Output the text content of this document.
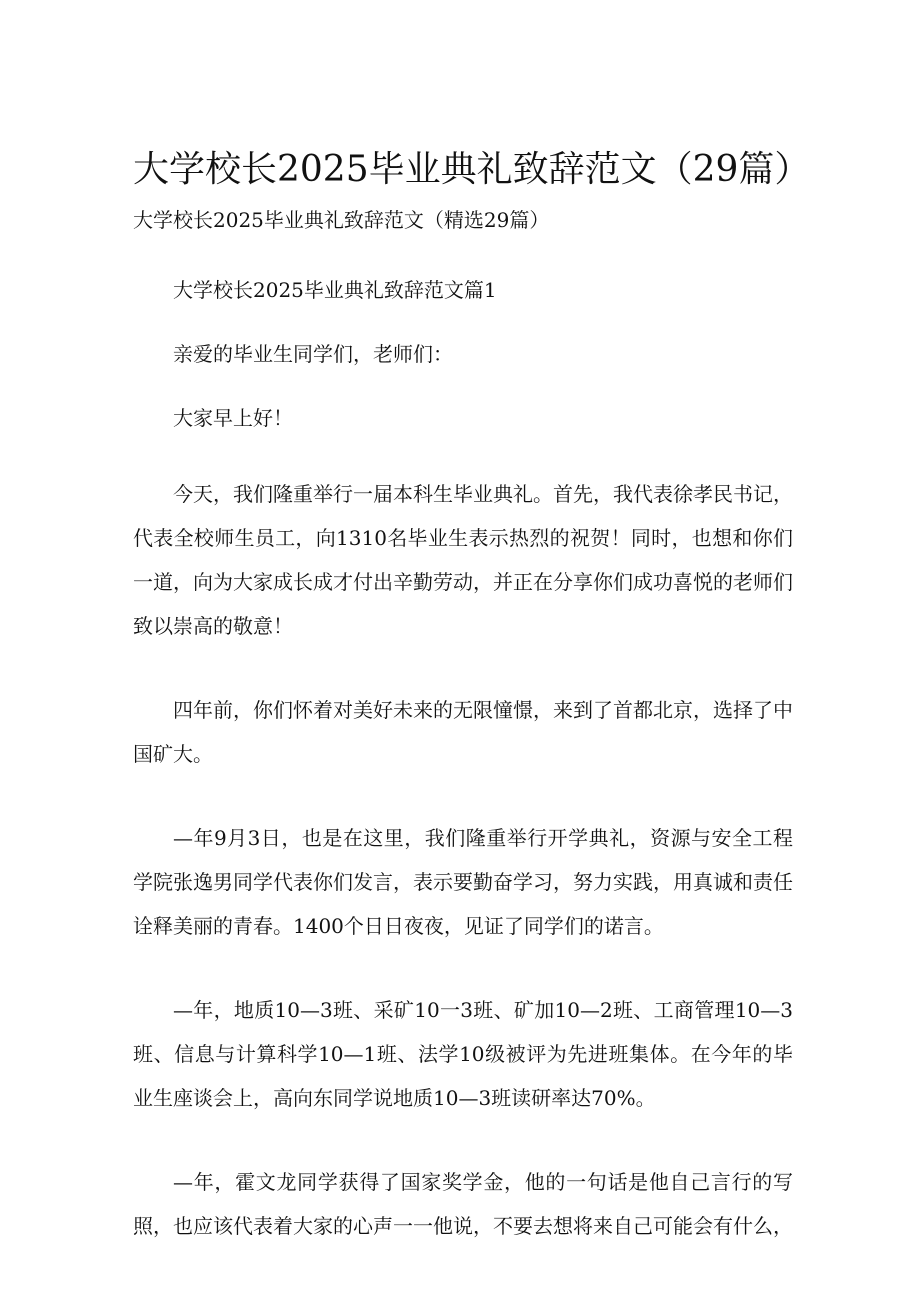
大学校长2025毕业典礼致辞范文（29篇）
大学校长2025毕业典礼致辞范文（精选29篇）

大学校长2025毕业典礼致辞范文篇1

亲爱的毕业生同学们，老师们：

大家早上好！

今天，我们隆重举行一届本科生毕业典礼。首先，我代表徐孝民书记，代表全校师生员工，向1310名毕业生表示热烈的祝贺！同时，也想和你们一道，向为大家成长成才付出辛勤劳动，并正在分享你们成功喜悦的老师们致以崇高的敬意！

四年前，你们怀着对美好未来的无限憧憬，来到了首都北京，选择了中国矿大。

—年9月3日，也是在这里，我们隆重举行开学典礼，资源与安全工程学院张逸男同学代表你们发言，表示要勤奋学习，努力实践，用真诚和责任诠释美丽的青春。1400个日日夜夜，见证了同学们的诺言。

—年，地质10—3班、采矿10一3班、矿加10—2班、工商管理10—3班、信息与计算科学10—1班、法学10级被评为先进班集体。在今年的毕业生座谈会上，高向东同学说地质10—3班读研率达70%。

—年，霍文龙同学获得了国家奖学金，他的一句话是他自己言行的写照，也应该代表着大家的心声一一他说，不要去想将来自己可能会有什么，
